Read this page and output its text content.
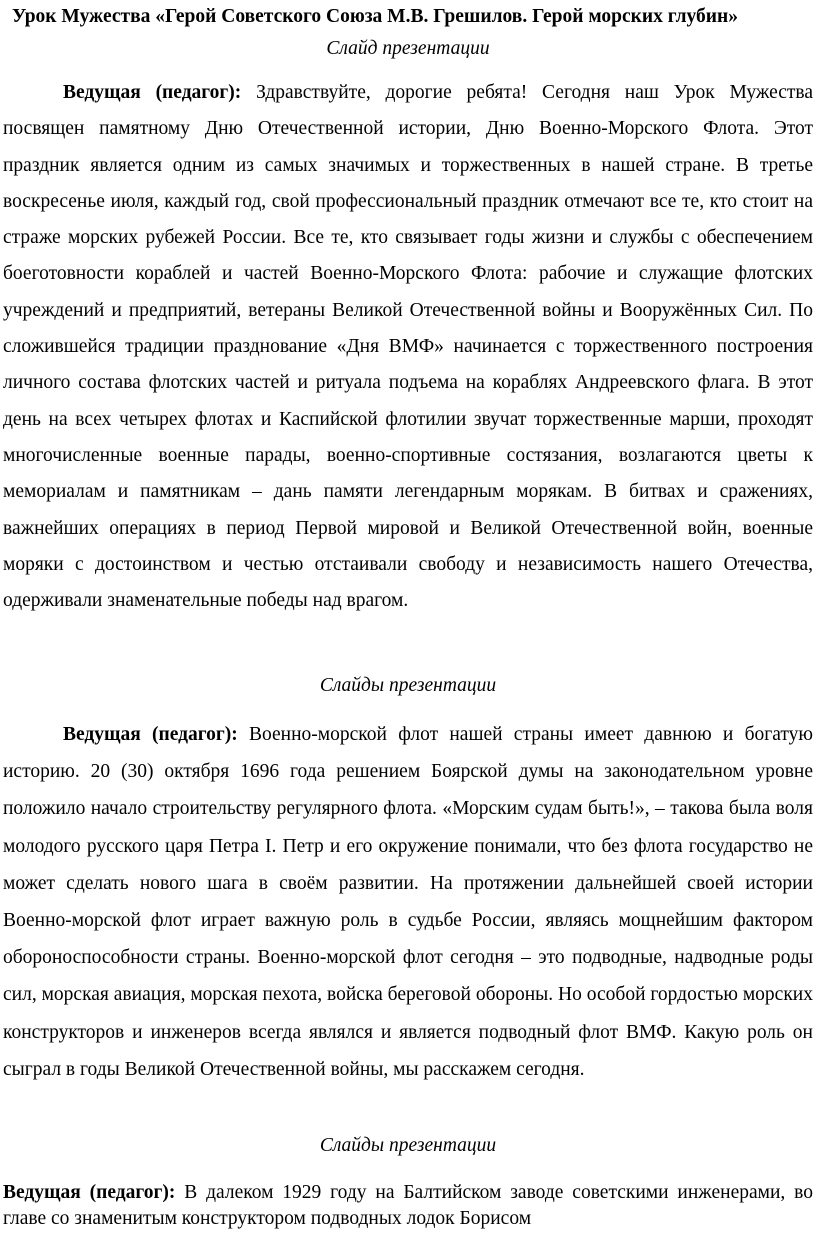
Урок Мужества «Герой Советского Союза М.В. Грешилов. Герой морских глубин»
Слайд презентации

Ведущая (педагог): Здравствуйте, дорогие ребята! Сегодня наш Урок Мужества посвящен памятному Дню Отечественной истории, Дню Военно-Морского Флота. Этот праздник является одним из самых значимых и торжественных в нашей стране. В третье воскресенье июля, каждый год, свой профессиональный праздник отмечают все те, кто стоит на страже морских рубежей России. Все те, кто связывает годы жизни и службы с обеспечением боеготовности кораблей и частей Военно-Морского Флота: рабочие и служащие флотских учреждений и предприятий, ветераны Великой Отечественной войны и Вооружённых Сил. По сложившейся традиции празднование «Дня ВМФ» начинается с торжественного построения личного состава флотских частей и ритуала подъема на кораблях Андреевского флага. В этот день на всех четырех флотах и Каспийской флотилии звучат торжественные марши, проходят многочисленные военные парады, военно-спортивные состязания, возлагаются цветы к мемориалам и памятникам – дань памяти легендарным морякам. В битвах и сражениях, важнейших операциях в период Первой мировой и Великой Отечественной войн, военные моряки с достоинством и честью отстаивали свободу и независимость нашего Отечества, одерживали знаменательные победы над врагом.

Слайды презентации

Ведущая (педагог): Военно-морской флот нашей страны имеет давнюю и богатую историю. 20 (30) октября 1696 года решением Боярской думы на законодательном уровне положило начало строительству регулярного флота. «Морским судам быть!», – такова была воля молодого русского царя Петра I. Петр и его окружение понимали, что без флота государство не может сделать нового шага в своём развитии. На протяжении дальнейшей своей истории Военно-морской флот играет важную роль в судьбе России, являясь мощнейшим фактором обороноспособности страны. Военно-морской флот сегодня – это подводные, надводные роды сил, морская авиация, морская пехота, войска береговой обороны. Но особой гордостью морских конструкторов и инженеров всегда являлся и является подводный флот ВМФ. Какую роль он сыграл в годы Великой Отечественной войны, мы расскажем сегодня.

Слайды презентации

Ведущая (педагог): В далеком 1929 году на Балтийском заводе советскими инженерами, во главе со знаменитым конструктором подводных лодок Борисом
